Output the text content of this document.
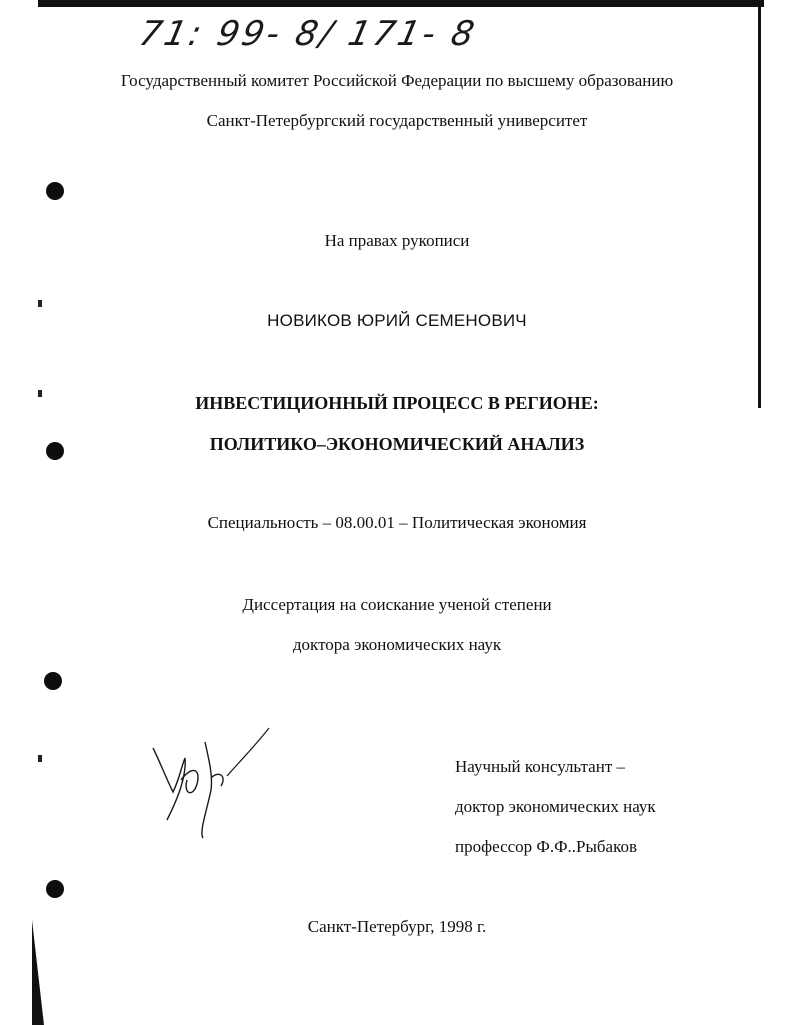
71: 99- 8/ 171- 8
Государственный комитет Российской Федерации по высшему образованию
Санкт-Петербургский государственный университет
На правах рукописи
НОВИКОВ ЮРИЙ СЕМЕНОВИЧ
ИНВЕСТИЦИОННЫЙ ПРОЦЕСС В РЕГИОНЕ:
ПОЛИТИКО–ЭКОНОМИЧЕСКИЙ АНАЛИЗ
Специальность – 08.00.01 – Политическая экономия
Диссертация на соискание ученой степени
доктора экономических наук
Научный консультант –
доктор экономических наук
профессор Ф.Ф..Рыбаков
Санкт-Петербург, 1998 г.
